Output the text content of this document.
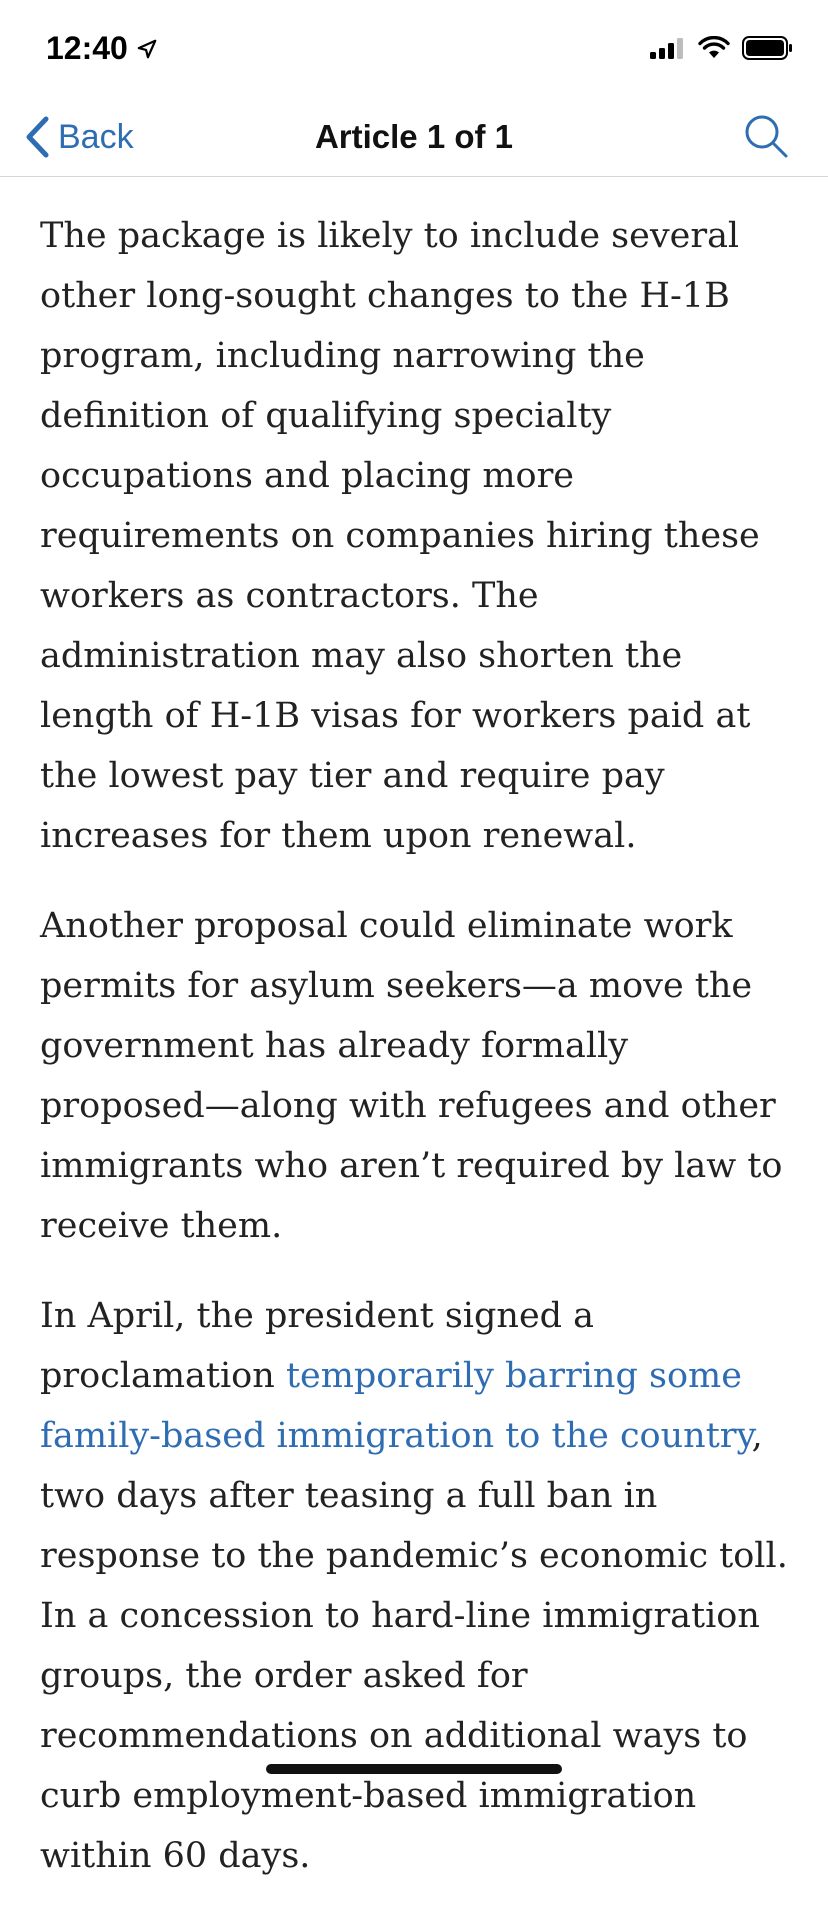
12:40
Back	Article 1 of 1

The package is likely to include several other long-sought changes to the H-1B program, including narrowing the definition of qualifying specialty occupations and placing more requirements on companies hiring these workers as contractors. The administration may also shorten the length of H-1B visas for workers paid at the lowest pay tier and require pay increases for them upon renewal.

Another proposal could eliminate work permits for asylum seekers—a move the government has already formally proposed—along with refugees and other immigrants who aren’t required by law to receive them.

In April, the president signed a proclamation temporarily barring some family-based immigration to the country, two days after teasing a full ban in response to the pandemic’s economic toll. In a concession to hard-line immigration groups, the order asked for recommendations on additional ways to curb employment-based immigration within 60 days.
